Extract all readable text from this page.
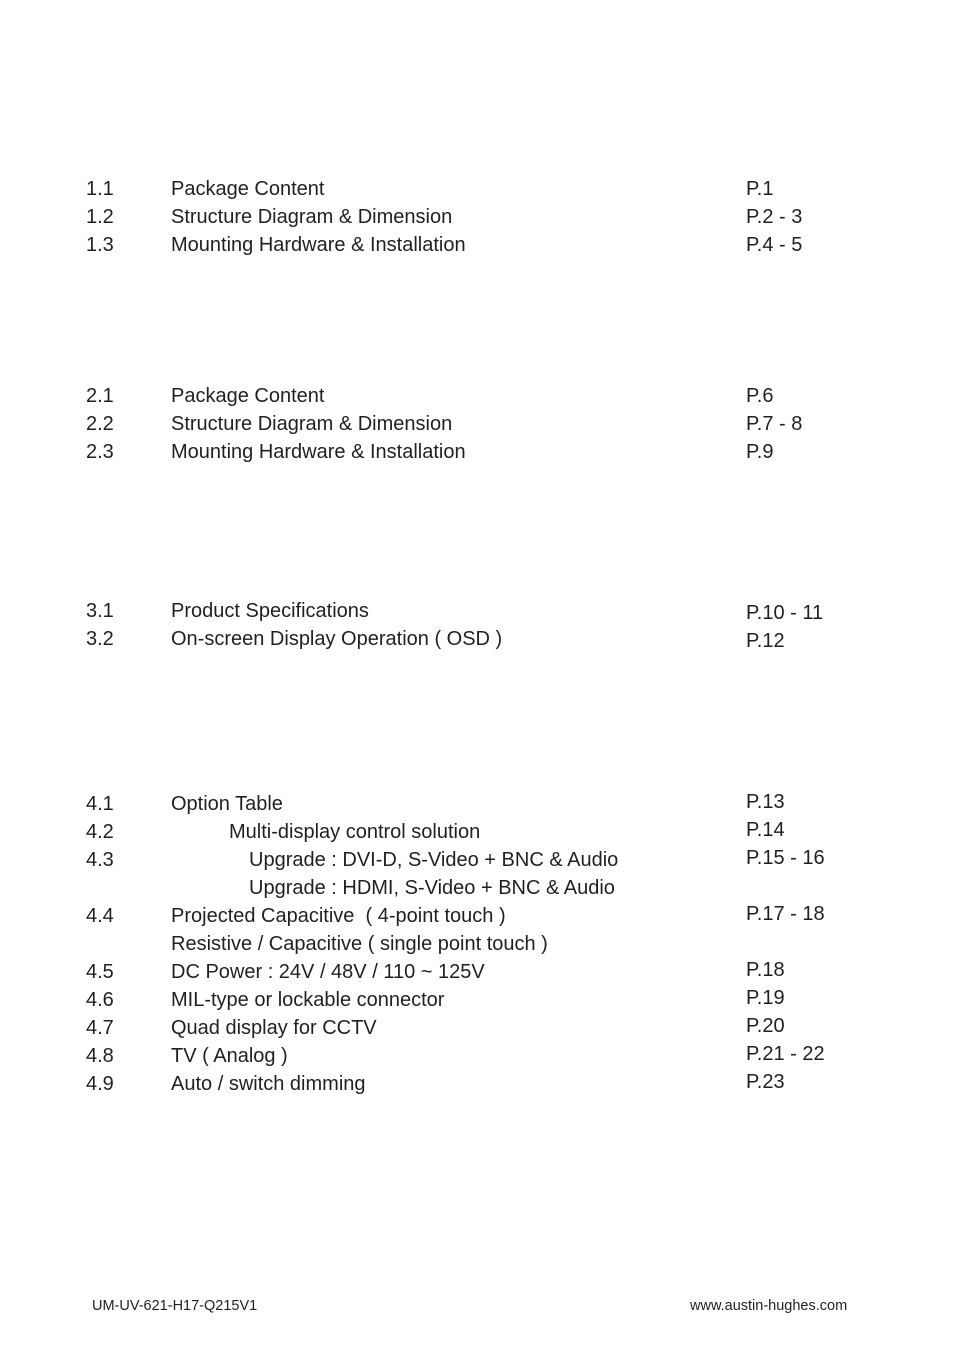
1.1	Package Content	P.1
1.2	Structure Diagram & Dimension	P.2 - 3
1.3	Mounting Hardware & Installation	P.4 - 5
2.1	Package Content	P.6
2.2	Structure Diagram & Dimension	P.7 - 8
2.3	Mounting Hardware & Installation	P.9
3.1	Product Specifications	P.10 - 11
3.2	On-screen Display Operation ( OSD )	P.12
4.1	Option Table	P.13
4.2	Multi-display control solution	P.14
4.3	Upgrade : DVI-D, S-Video + BNC & Audio	P.15 - 16
Upgrade : HDMI, S-Video + BNC & Audio
4.4	Projected Capacitive  ( 4-point touch )	P.17 - 18
Resistive / Capacitive ( single point touch )
4.5	DC Power : 24V / 48V / 110 ~ 125V	P.18
4.6	MIL-type or lockable connector	P.19
4.7	Quad display for CCTV	P.20
4.8	TV ( Analog )	P.21 - 22
4.9	Auto / switch dimming	P.23
UM-UV-621-H17-Q215V1	www.austin-hughes.com
